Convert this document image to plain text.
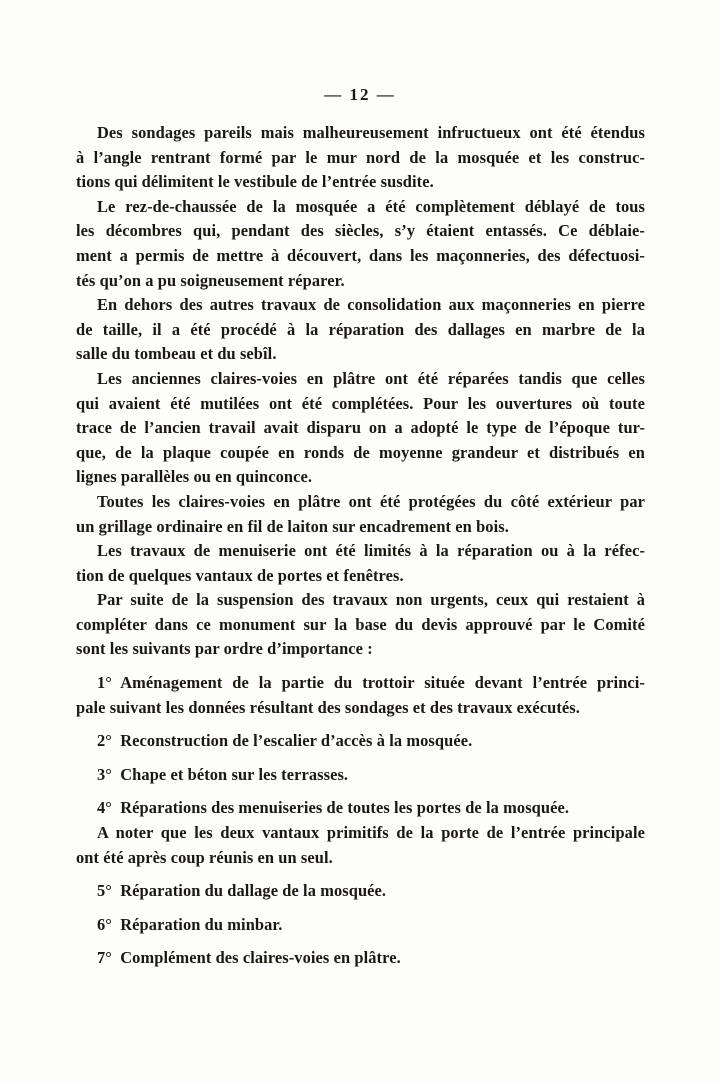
— 12 —
Des sondages pareils mais malheureusement infructueux ont été étendus
à l’angle rentrant formé par le mur nord de la mosquée et les construc-
tions qui délimitent le vestibule de l’entrée susdite.
Le rez-de-chaussée de la mosquée a été complètement déblayé de tous
les décombres qui, pendant des siècles, s’y étaient entassés. Ce déblaie-
ment a permis de mettre à découvert, dans les maçonneries, des défectuosi-
tés qu’on a pu soigneusement réparer.
En dehors des autres travaux de consolidation aux maçonneries en pierre
de taille, il a été procédé à la réparation des dallages en marbre de la
salle du tombeau et du sebîl.
Les anciennes claires-voies en plâtre ont été réparées tandis que celles
qui avaient été mutilées ont été complétées. Pour les ouvertures où toute
trace de l’ancien travail avait disparu on a adopté le type de l’époque tur-
que, de la plaque coupée en ronds de moyenne grandeur et distribués en
lignes parallèles ou en quinconce.
Toutes les claires-voies en plâtre ont été protégées du côté extérieur par
un grillage ordinaire en fil de laiton sur encadrement en bois.
Les travaux de menuiserie ont été limités à la réparation ou à la réfec-
tion de quelques vantaux de portes et fenêtres.
Par suite de la suspension des travaux non urgents, ceux qui restaient à
compléter dans ce monument sur la base du devis approuvé par le Comité
sont les suivants par ordre d’importance :
1° Aménagement de la partie du trottoir située devant l’entrée princi-
pale suivant les données résultant des sondages et des travaux exécutés.
2° Reconstruction de l’escalier d’accès à la mosquée.
3° Chape et béton sur les terrasses.
4° Réparations des menuiseries de toutes les portes de la mosquée.
A noter que les deux vantaux primitifs de la porte de l’entrée principale
ont été après coup réunis en un seul.
5° Réparation du dallage de la mosquée.
6° Réparation du minbar.
7° Complément des claires-voies en plâtre.
